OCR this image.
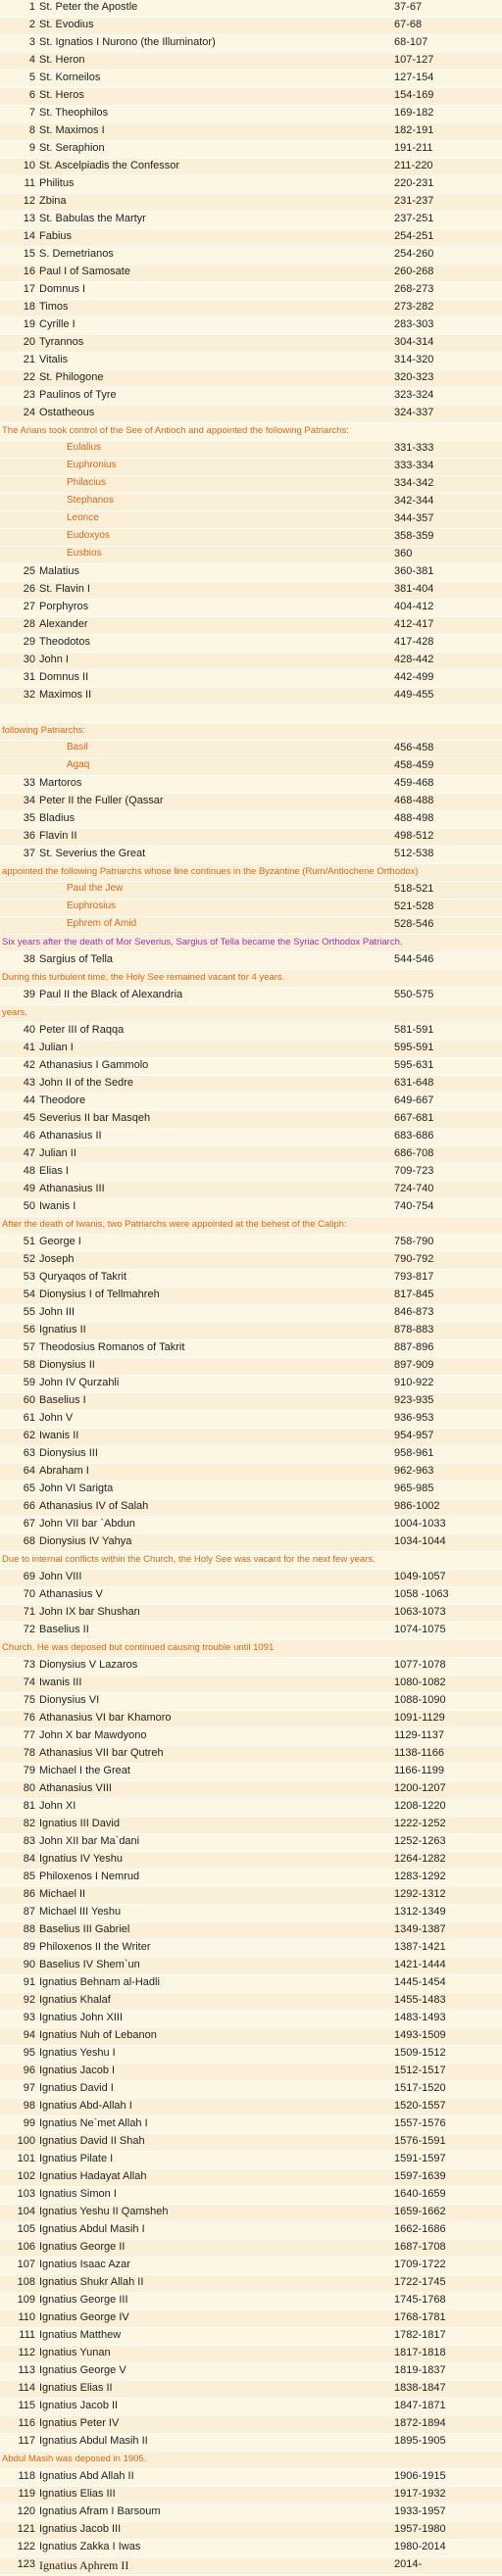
1 St. Peter the Apostle	37-67
2 St. Evodius	67-68
3 St. Ignatios I Nurono (the Illuminator)	68-107
4 St. Heron	107-127
5 St. Korneilos	127-154
6 St. Heros	154-169
7 St. Theophilos	169-182
8 St. Maximos I	182-191
9 St. Seraphion	191-211
10 St. Ascelpiadis the Confessor	211-220
11 Philitus	220-231
12 Zbina	231-237
13 St. Babulas the Martyr	237-251
14 Fabius	254-251
15 S. Demetrianos	254-260
16 Paul I of Samosate	260-268
17 Domnus I	268-273
18 Timos	273-282
19 Cyrille I	283-303
20 Tyrannos	304-314
21 Vitalis	314-320
22 St. Philogone	320-323
23 Paulinos of Tyre	323-324
24 Ostatheous	324-337
The Arians took control of the See of Antioch and appointed the following Patriarchs:
Eulalius	331-333
Euphronius	333-334
Philacius	334-342
Stephanos	342-344
Leonce	344-357
Eudoxyos	358-359
Eusbios	360
25 Malatius	360-381
26 St. Flavin I	381-404
27 Porphyros	404-412
28 Alexander	412-417
29 Theodotos	417-428
30 John I	428-442
31 Domnus II	442-499
32 Maximos II	449-455
following Patriarchs:
Basil	456-458
Agaq	458-459
33 Martoros	459-468
34 Peter II the Fuller (Qassar	468-488
35 Bladius	488-498
36 Flavin II	498-512
37 St. Severius the Great	512-538
appointed the following Patriarchs whose line continues in the Byzantine (Rum/Antiochene Orthodox)
Paul the Jew	518-521
Euphrosius	521-528
Ephrem of Amid	528-546
Six years after the death of Mor Severius, Sargius of Tella became the Syriac Orthodox Patriarch.
38 Sargius of Tella	544-546
During this turbulent time, the Holy See remained vacant for 4 years.
39 Paul II the Black of Alexandria	550-575
years.
40 Peter III of Raqqa	581-591
41 Julian I	595-591
42 Athanasius I Gammolo	595-631
43 John II of the Sedre	631-648
44 Theodore	649-667
45 Severius II bar Masqeh	667-681
46 Athanasius II	683-686
47 Julian II	686-708
48 Elias I	709-723
49 Athanasius III	724-740
50 Iwanis I	740-754
After the death of Iwanis, two Patriarchs were appointed at the behest of the Caliph:
51 George I	758-790
52 Joseph	790-792
53 Quryaqos of Takrit	793-817
54 Dionysius I of Tellmahreh	817-845
55 John III	846-873
56 Ignatius II	878-883
57 Theodosius Romanos of Takrit	887-896
58 Dionysius II	897-909
59 John IV Qurzahli	910-922
60 Baselius I	923-935
61 John V	936-953
62 Iwanis II	954-957
63 Dionysius III	958-961
64 Abraham I	962-963
65 John VI Sarigta	965-985
66 Athanasius IV of Salah	986-1002
67 John VII bar `Abdun	1004-1033
68 Dionysius IV Yahya	1034-1044
Due to internal conflicts within the Church, the Holy See was vacant for the next few years.
69 John VIII	1049-1057
70 Athanasius V	1058 -1063
71 John IX bar Shushan	1063-1073
72 Baselius II	1074-1075
Church. He was deposed but continued causing trouble until 1091
73 Dionysius V Lazaros	1077-1078
74 Iwanis III	1080-1082
75 Dionysius VI	1088-1090
76 Athanasius VI bar Khamoro	1091-1129
77 John X bar Mawdyono	1129-1137
78 Athanasius VII bar Qutreh	1138-1166
79 Michael I the Great	1166-1199
80 Athanasius VIII	1200-1207
81 John XI	1208-1220
82 Ignatius III David	1222-1252
83 John XII bar Ma`dani	1252-1263
84 Ignatius IV Yeshu	1264-1282
85 Philoxenos I Nemrud	1283-1292
86 Michael II	1292-1312
87 Michael III Yeshu	1312-1349
88 Baselius III Gabriel	1349-1387
89 Philoxenos II the Writer	1387-1421
90 Baselius IV Shem`un	1421-1444
91 Ignatius Behnam al-Hadli	1445-1454
92 Ignatius Khalaf	1455-1483
93 Ignatius John XIII	1483-1493
94 Ignatius Nuh of Lebanon	1493-1509
95 Ignatius Yeshu I	1509-1512
96 Ignatius Jacob I	1512-1517
97 Ignatius David I	1517-1520
98 Ignatius Abd-Allah I	1520-1557
99 Ignatius Ne`met Allah I	1557-1576
100 Ignatius David II Shah	1576-1591
101 Ignatius Pilate I	1591-1597
102 Ignatius Hadayat Allah	1597-1639
103 Ignatius Simon I	1640-1659
104 Ignatius Yeshu II Qamsheh	1659-1662
105 Ignatius Abdul Masih I	1662-1686
106 Ignatius George II	1687-1708
107 Ignatius Isaac Azar	1709-1722
108 Ignatius Shukr Allah II	1722-1745
109 Ignatius George III	1745-1768
110 Ignatius George IV	1768-1781
111 Ignatius Matthew	1782-1817
112 Ignatius Yunan	1817-1818
113 Ignatius George V	1819-1837
114 Ignatius Elias II	1838-1847
115 Ignatius Jacob II	1847-1871
116 Ignatius Peter IV	1872-1894
117 Ignatius Abdul Masih II	1895-1905
Abdul Masih was deposed in 1905.
118 Ignatius Abd Allah II	1906-1915
119 Ignatius Elias III	1917-1932
120 Ignatius Afram I Barsoum	1933-1957
121 Ignatius Jacob III	1957-1980
122 Ignatius Zakka I Iwas	1980-2014
123 Ignatius Aphrem II	2014-
